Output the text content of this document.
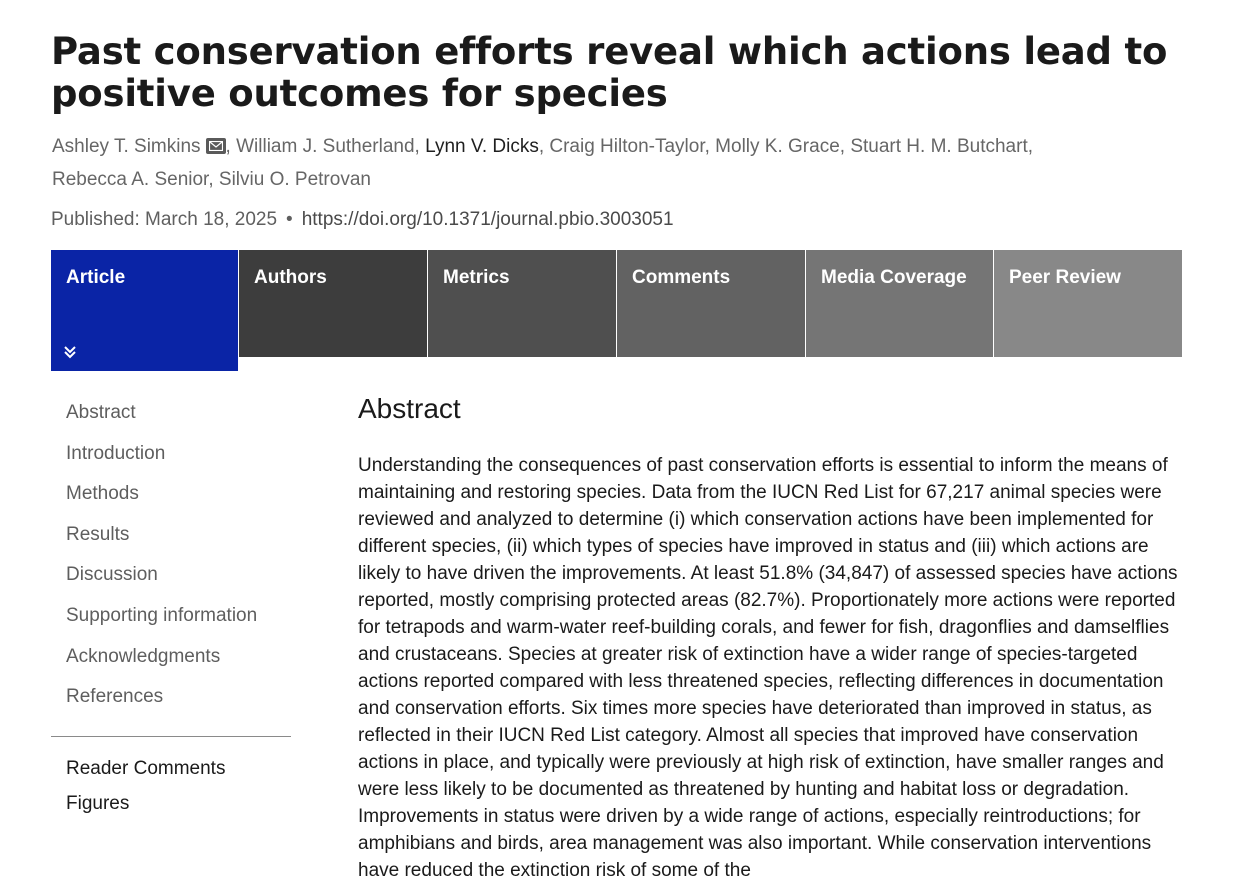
Past conservation efforts reveal which actions lead to positive outcomes for species
Ashley T. Simkins , William J. Sutherland, Lynn V. Dicks, Craig Hilton-Taylor, Molly K. Grace, Stuart H. M. Butchart, Rebecca A. Senior, Silviu O. Petrovan
Published: March 18, 2025 • https://doi.org/10.1371/journal.pbio.3003051
Article	Authors	Metrics	Comments	Media Coverage	Peer Review
Abstract
Introduction
Methods
Results
Discussion
Supporting information
Acknowledgments
References
Reader Comments
Figures
Abstract

Understanding the consequences of past conservation efforts is essential to inform the means of maintaining and restoring species. Data from the IUCN Red List for 67,217 animal species were reviewed and analyzed to determine (i) which conservation actions have been implemented for different species, (ii) which types of species have improved in status and (iii) which actions are likely to have driven the improvements. At least 51.8% (34,847) of assessed species have actions reported, mostly comprising protected areas (82.7%). Proportionately more actions were reported for tetrapods and warm-water reef-building corals, and fewer for fish, dragonflies and damselflies and crustaceans. Species at greater risk of extinction have a wider range of species-targeted actions reported compared with less threatened species, reflecting differences in documentation and conservation efforts. Six times more species have deteriorated than improved in status, as reflected in their IUCN Red List category. Almost all species that improved have conservation actions in place, and typically were previously at high risk of extinction, have smaller ranges and were less likely to be documented as threatened by hunting and habitat loss or degradation. Improvements in status were driven by a wide range of actions, especially reintroductions; for amphibians and birds, area management was also important. While conservation interventions have reduced the extinction risk of some of the
